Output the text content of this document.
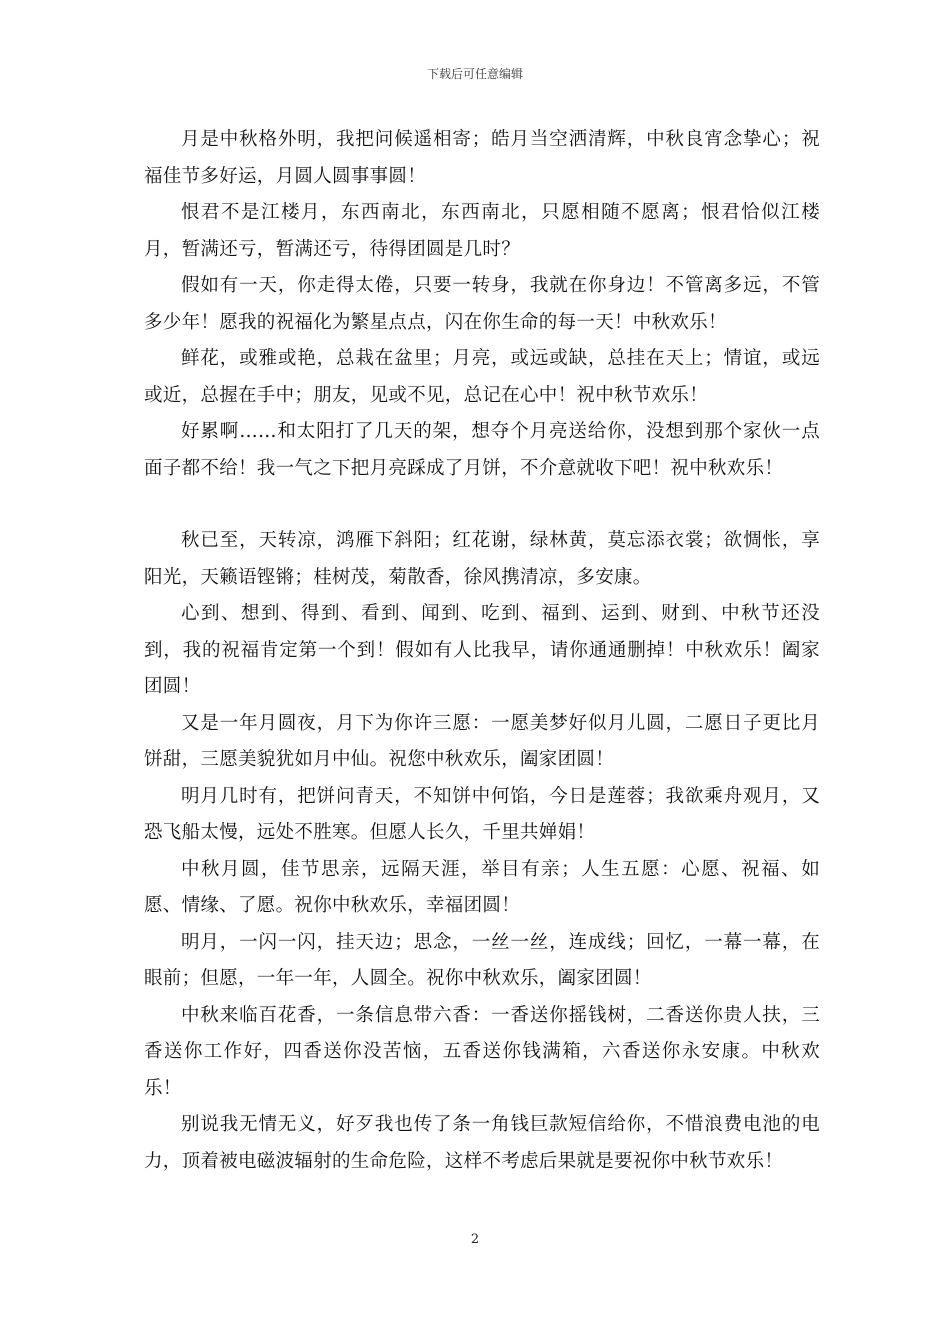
下载后可任意编辑

月是中秋格外明，我把问候遥相寄；皓月当空洒清辉，中秋良宵念挚心；祝福佳节多好运，月圆人圆事事圆！

恨君不是江楼月，东西南北，东西南北，只愿相随不愿离；恨君恰似江楼月，暂满还亏，暂满还亏，待得团圆是几时？

假如有一天，你走得太倦，只要一转身，我就在你身边！不管离多远，不管多少年！愿我的祝福化为繁星点点，闪在你生命的每一天！中秋欢乐！

鲜花，或雅或艳，总栽在盆里；月亮，或远或缺，总挂在天上；情谊，或远或近，总握在手中；朋友，见或不见，总记在心中！祝中秋节欢乐！

好累啊……和太阳打了几天的架，想夺个月亮送给你，没想到那个家伙一点面子都不给！我一气之下把月亮踩成了月饼，不介意就收下吧！祝中秋欢乐！

秋已至，天转凉，鸿雁下斜阳；红花谢，绿林黄，莫忘添衣裳；欲惆怅，享阳光，天籁语铿锵；桂树茂，菊散香，徐风携清凉，多安康。

心到、想到、得到、看到、闻到、吃到、福到、运到、财到、中秋节还没到，我的祝福肯定第一个到！假如有人比我早，请你通通删掉！中秋欢乐！阖家团圆！

又是一年月圆夜，月下为你许三愿：一愿美梦好似月儿圆，二愿日子更比月饼甜，三愿美貌犹如月中仙。祝您中秋欢乐，阖家团圆！

明月几时有，把饼问青天，不知饼中何馅，今日是莲蓉；我欲乘舟观月，又恐飞船太慢，远处不胜寒。但愿人长久，千里共婵娟！

中秋月圆，佳节思亲，远隔天涯，举目有亲；人生五愿：心愿、祝福、如愿、情缘、了愿。祝你中秋欢乐，幸福团圆！

明月，一闪一闪，挂天边；思念，一丝一丝，连成线；回忆，一幕一幕，在眼前；但愿，一年一年，人圆全。祝你中秋欢乐，阖家团圆！

中秋来临百花香，一条信息带六香：一香送你摇钱树，二香送你贵人扶，三香送你工作好，四香送你没苦恼，五香送你钱满箱，六香送你永安康。中秋欢乐！

别说我无情无义，好歹我也传了条一角钱巨款短信给你，不惜浪费电池的电力，顶着被电磁波辐射的生命危险，这样不考虑后果就是要祝你中秋节欢乐！

2
